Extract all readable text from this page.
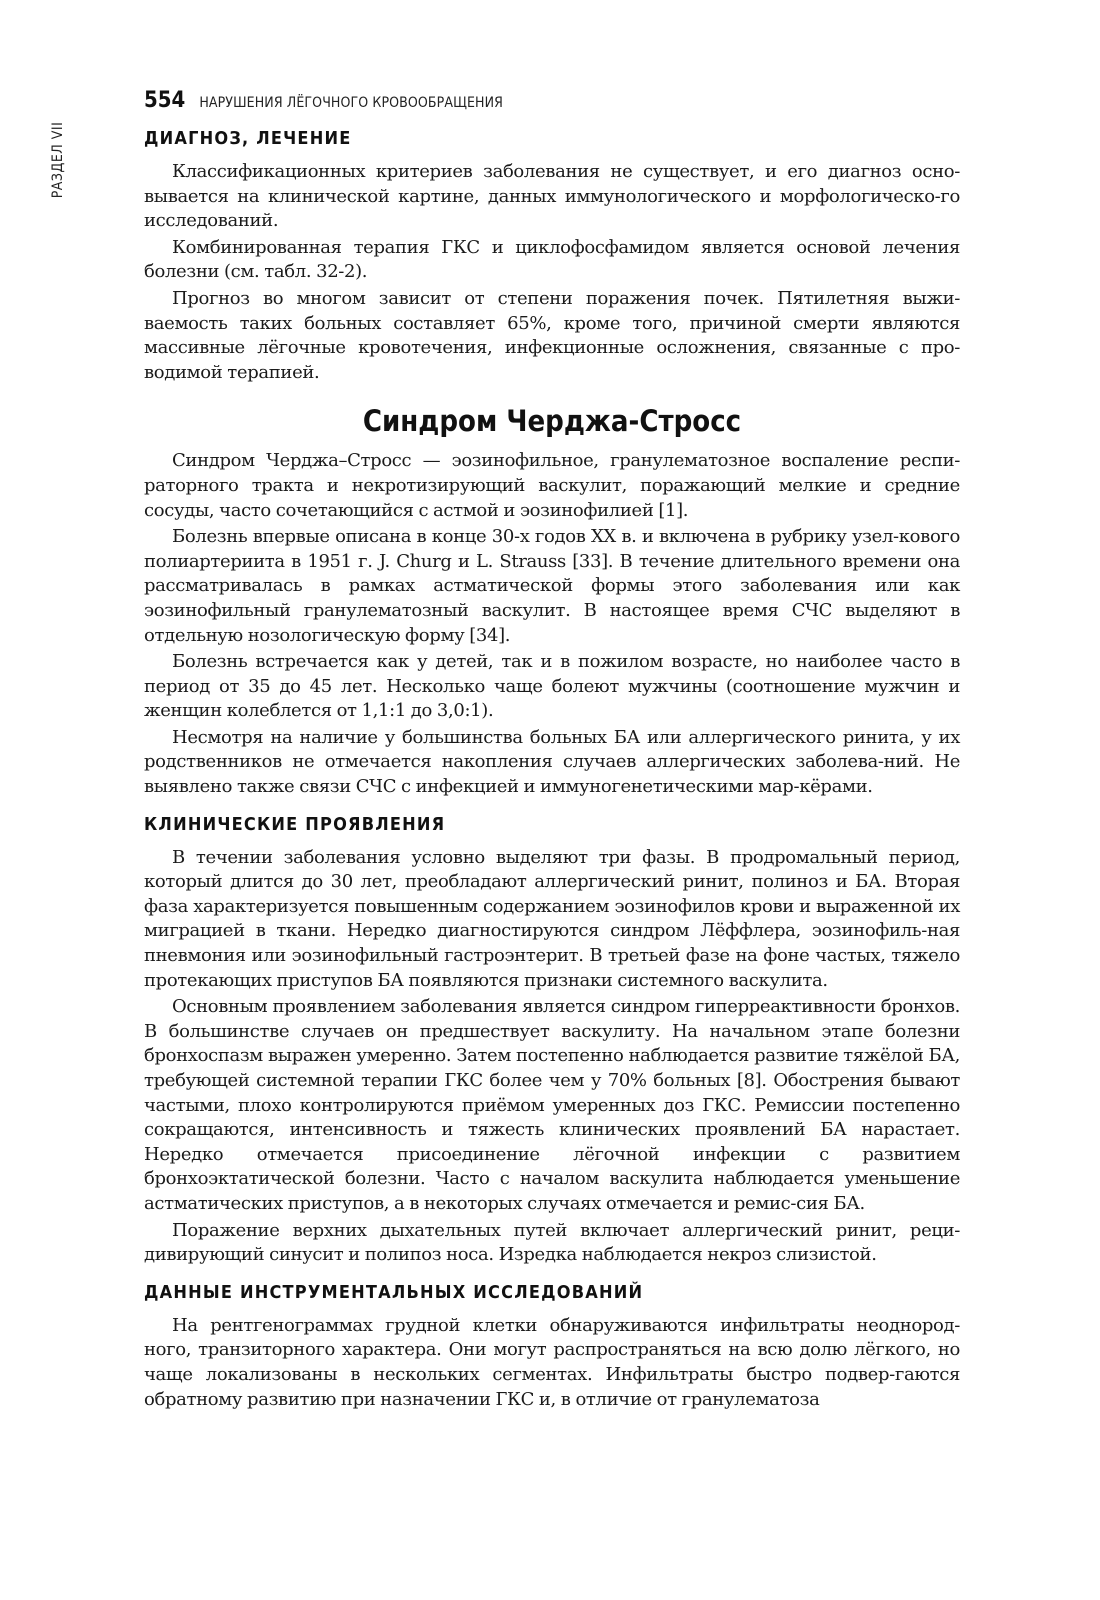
РАЗДЕЛ VII
554 НАРУШЕНИЯ ЛЁГОЧНОГО КРОВООБРАЩЕНИЯ
ДИАГНОЗ, ЛЕЧЕНИЕ

Классификационных критериев заболевания не существует, и его диагноз осно-вывается на клинической картине, данных иммунологического и морфологическо-го исследований.

Комбинированная терапия ГКС и циклофосфамидом является основой лечения болезни (см. табл. 32-2).

Прогноз во многом зависит от степени поражения почек. Пятилетняя выжи-ваемость таких больных составляет 65%, кроме того, причиной смерти являются массивные лёгочные кровотечения, инфекционные осложнения, связанные с про-водимой терапией.

Синдром Черджа-Стросс

Синдром Черджа–Стросс — эозинофильное, гранулематозное воспаление респи-раторного тракта и некротизирующий васкулит, поражающий мелкие и средние сосуды, часто сочетающийся с астмой и эозинофилией [1].

Болезнь впервые описана в конце 30-х годов XX в. и включена в рубрику узел-кового полиартериита в 1951 г. J. Churg и L. Strauss [33]. В течение длительного времени она рассматривалась в рамках астматической формы этого заболевания или как эозинофильный гранулематозный васкулит. В настоящее время СЧС выделяют в отдельную нозологическую форму [34].

Болезнь встречается как у детей, так и в пожилом возрасте, но наиболее часто в период от 35 до 45 лет. Несколько чаще болеют мужчины (соотношение мужчин и женщин колеблется от 1,1:1 до 3,0:1).

Несмотря на наличие у большинства больных БА или аллергического ринита, у их родственников не отмечается накопления случаев аллергических заболева-ний. Не выявлено также связи СЧС с инфекцией и иммуногенетическими мар-кёрами.

КЛИНИЧЕСКИЕ ПРОЯВЛЕНИЯ

В течении заболевания условно выделяют три фазы. В продромальный период, который длится до 30 лет, преобладают аллергический ринит, полиноз и БА. Вторая фаза характеризуется повышенным содержанием эозинофилов крови и выраженной их миграцией в ткани. Нередко диагностируются синдром Лёффлера, эозинофиль-ная пневмония или эозинофильный гастроэнтерит. В третьей фазе на фоне частых, тяжело протекающих приступов БА появляются признаки системного васкулита.

Основным проявлением заболевания является синдром гиперреактивности бронхов. В большинстве случаев он предшествует васкулиту. На начальном этапе болезни бронхоспазм выражен умеренно. Затем постепенно наблюдается развитие тяжёлой БА, требующей системной терапии ГКС более чем у 70% больных [8]. Обострения бывают частыми, плохо контролируются приёмом умеренных доз ГКС. Ремиссии постепенно сокращаются, интенсивность и тяжесть клинических проявлений БА нарастает. Нередко отмечается присоединение лёгочной инфекции с развитием бронхоэктатической болезни. Часто с началом васкулита наблюдается уменьшение астматических приступов, а в некоторых случаях отмечается и ремис-сия БА.

Поражение верхних дыхательных путей включает аллергический ринит, реци-дивирующий синусит и полипоз носа. Изредка наблюдается некроз слизистой.

ДАННЫЕ ИНСТРУМЕНТАЛЬНЫХ ИССЛЕДОВАНИЙ

На рентгенограммах грудной клетки обнаруживаются инфильтраты неоднород-ного, транзиторного характера. Они могут распространяться на всю долю лёгкого, но чаще локализованы в нескольких сегментах. Инфильтраты быстро подвер-гаются обратному развитию при назначении ГКС и, в отличие от гранулематоза
